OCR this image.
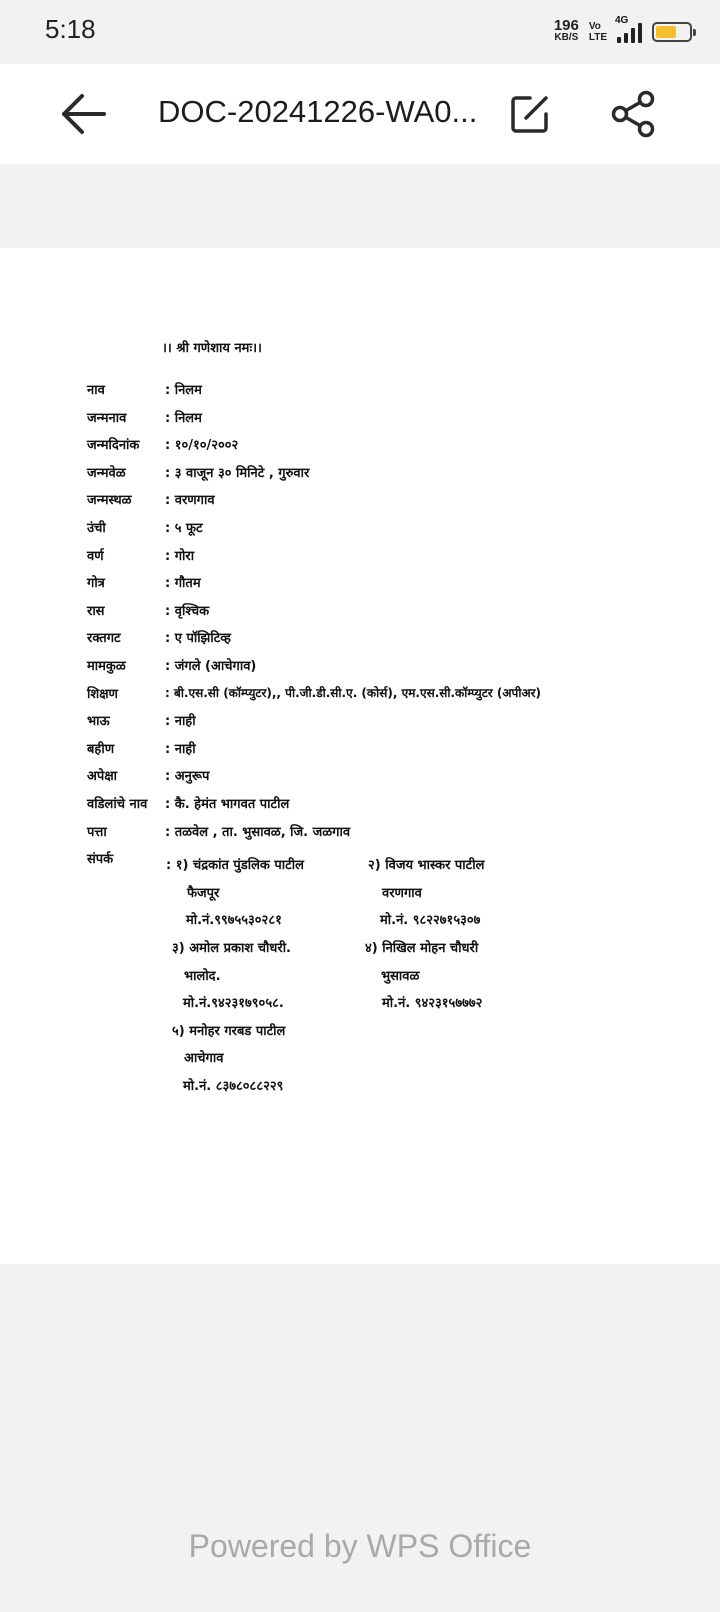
5:18	196
KB/S
Vo
LTE
4G
DOC-20241226-WA0...
।। श्री गणेशाय नमः।।
नाव	: निलम
जन्मनाव	: निलम
जन्मदिनांक : १०/१०/२००२
जन्मवेळ	: ३ वाजून ३० मिनिटे , गुरुवार
जन्मस्थळ	: वरणगाव
उंची	: ५ फूट
वर्ण	: गोरा
गोत्र	: गौतम
रास	: वृश्चिक
रक्तगट	: ए पॉझिटिव्ह
मामकुळ	: जंगले (आचेगाव)
शिक्षण	: बी.एस.सी (कॉम्प्युटर),, पी.जी.डी.सी.ए. (कोर्स), एम.एस.सी.कॉम्प्युटर (अपीअर)
भाऊ	: नाही
बहीण	: नाही
अपेक्षा	: अनुरूप
वडिलांचे नाव : कै. हेमंत भागवत पाटील
पत्ता	: तळवेल , ता. भुसावळ, जि. जळगाव
संपर्क	: १) चंद्रकांत पुंडलिक पाटील
फैजपूर
मो.नं.९९७५५३०२८१
२) विजय भास्कर पाटील
वरणगाव
मो.नं. ९८२२७१५३०७
३) अमोल प्रकाश चौधरी.
भालोद.
मो.नं.९४२३१७९०५८.
४) निखिल मोहन चौधरी
भुसावळ
मो.नं. ९४२३१५७७७२
५) मनोहर गरबड पाटील
आचेगाव
मो.नं. ८३७८०८८२२९
Powered by WPS Office
